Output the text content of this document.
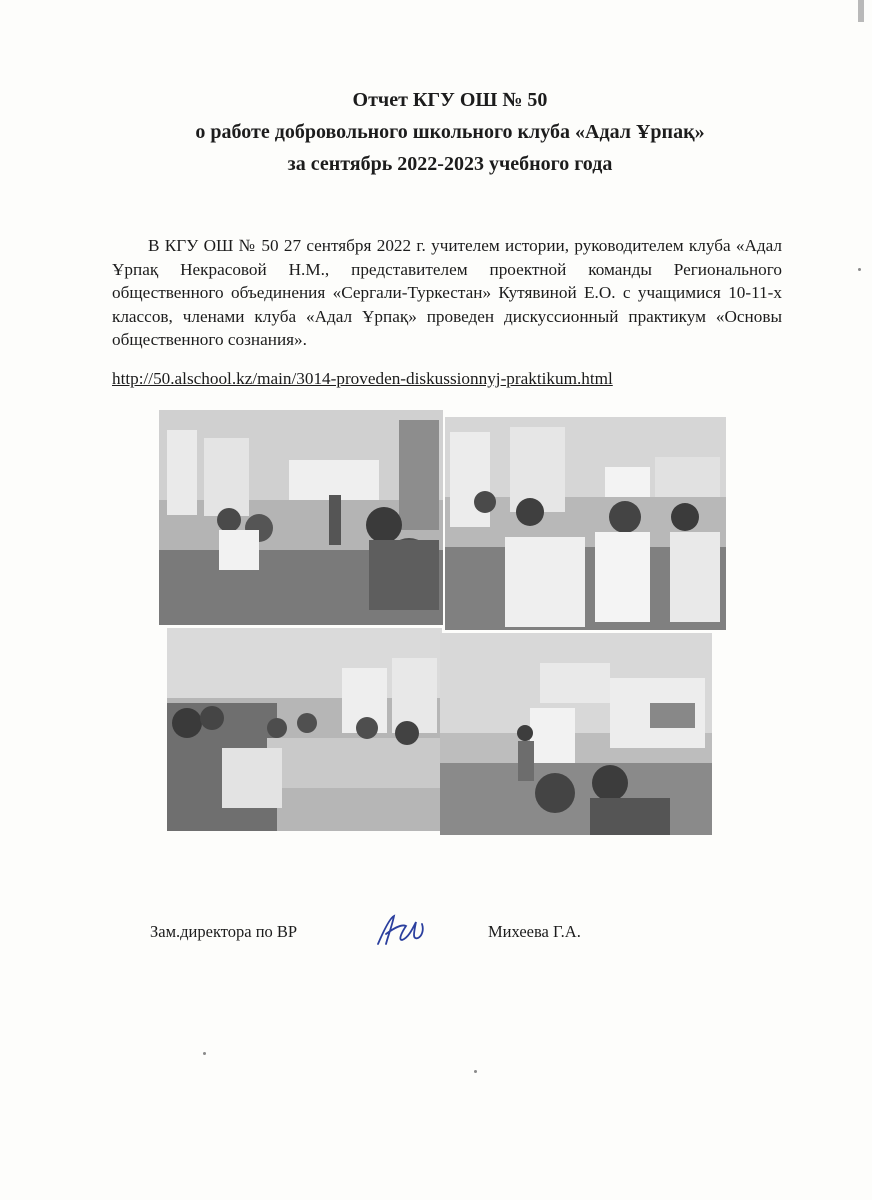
Отчет КГУ ОШ № 50
о работе добровольного школьного клуба «Адал Ұрпақ»
за сентябрь 2022-2023 учебного года
В КГУ ОШ № 50 27 сентября 2022 г. учителем истории, руководителем клуба «Адал Ұрпақ Некрасовой Н.М., представителем проектной команды Регионального общественного объединения «Сергали-Туркестан» Кутявиной Е.О. с учащимися 10-11-х классов, членами клуба «Адал Ұрпақ» проведен дискуссионный практикум «Основы общественного сознания».
http://50.alschool.kz/main/3014-proveden-diskussionnyj-praktikum.html
Зам.директора по ВР	Михеева Г.А.
